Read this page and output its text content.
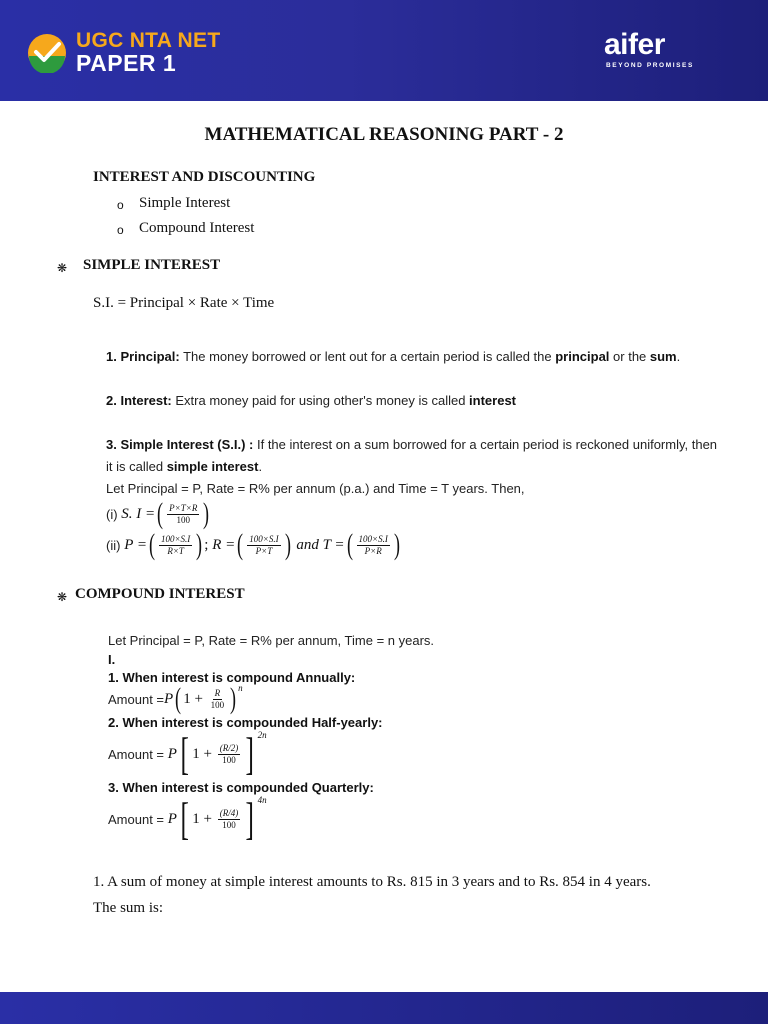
UGC NTA NET
PAPER 1
aifer
BEYOND PROMISES
MATHEMATICAL REASONING PART - 2
INTEREST AND DISCOUNTING
o Simple Interest
o Compound Interest
❋ SIMPLE INTEREST
S.I. = Principal × Rate × Time
1. Principal: The money borrowed or lent out for a certain period is called the principal or the sum.
2. Interest: Extra money paid for using other's money is called interest
3. Simple Interest (S.I.) : If the interest on a sum borrowed for a certain period is reckoned uniformly, then
it is called simple interest.
Let Principal = P, Rate = R% per annum (p.a.) and Time = T years. Then,
(i)
S. I = ( $\frac{P\times T\times R}{100}$ )
(ii)
P = ( $\frac{100\times S.I}{R\times T}$ ) ;
R = ( $\frac{100\times S.I}{P\times T}$ )
and
T = ( $\frac{100\times S.I}{P\times R}$ )
❋ COMPOUND INTEREST
Let Principal = P, Rate = R% per annum, Time = n years.
I.
1. When interest is compound Annually:
Amount = P ( $1 + \frac{R}{100}$ ) n
2. When interest is compounded Half-yearly:
Amount =
P [ $1 + \frac{(R/2)}{100}$ ] 2n
3. When interest is compounded Quarterly:
Amount =
P [ $1 + \frac{(R/4)}{100}$ ] 4n
1. A sum of money at simple interest amounts to Rs. 815 in 3 years and to Rs. 854 in 4 years.
The sum is:
